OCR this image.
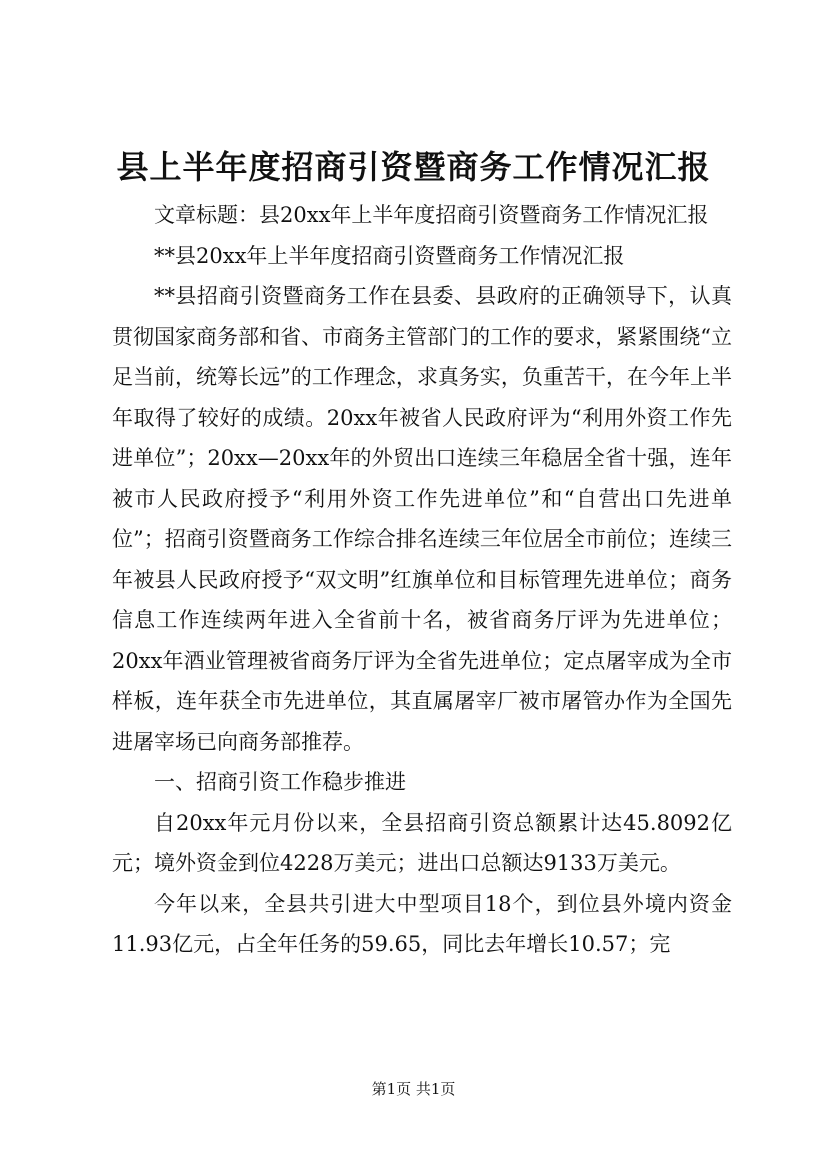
县上半年度招商引资暨商务工作情况汇报

文章标题：县20xx年上半年度招商引资暨商务工作情况汇报

**县20xx年上半年度招商引资暨商务工作情况汇报

**县招商引资暨商务工作在县委、县政府的正确领导下，认真贯彻国家商务部和省、市商务主管部门的工作的要求，紧紧围绕“立足当前，统筹长远”的工作理念，求真务实，负重苦干，在今年上半年取得了较好的成绩。20xx年被省人民政府评为“利用外资工作先进单位”；20xx—20xx年的外贸出口连续三年稳居全省十强，连年被市人民政府授予“利用外资工作先进单位”和“自营出口先进单位”；招商引资暨商务工作综合排名连续三年位居全市前位；连续三年被县人民政府授予“双文明”红旗单位和目标管理先进单位；商务信息工作连续两年进入全省前十名，被省商务厅评为先进单位；20xx年酒业管理被省商务厅评为全省先进单位；定点屠宰成为全市样板，连年获全市先进单位，其直属屠宰厂被市屠管办作为全国先进屠宰场已向商务部推荐。

一、招商引资工作稳步推进

自20xx年元月份以来，全县招商引资总额累计达45.8092亿元；境外资金到位4228万美元；进出口总额达9133万美元。

今年以来，全县共引进大中型项目18个，到位县外境内资金11.93亿元，占全年任务的59.65，同比去年增长10.57；完

第1页 共1页
